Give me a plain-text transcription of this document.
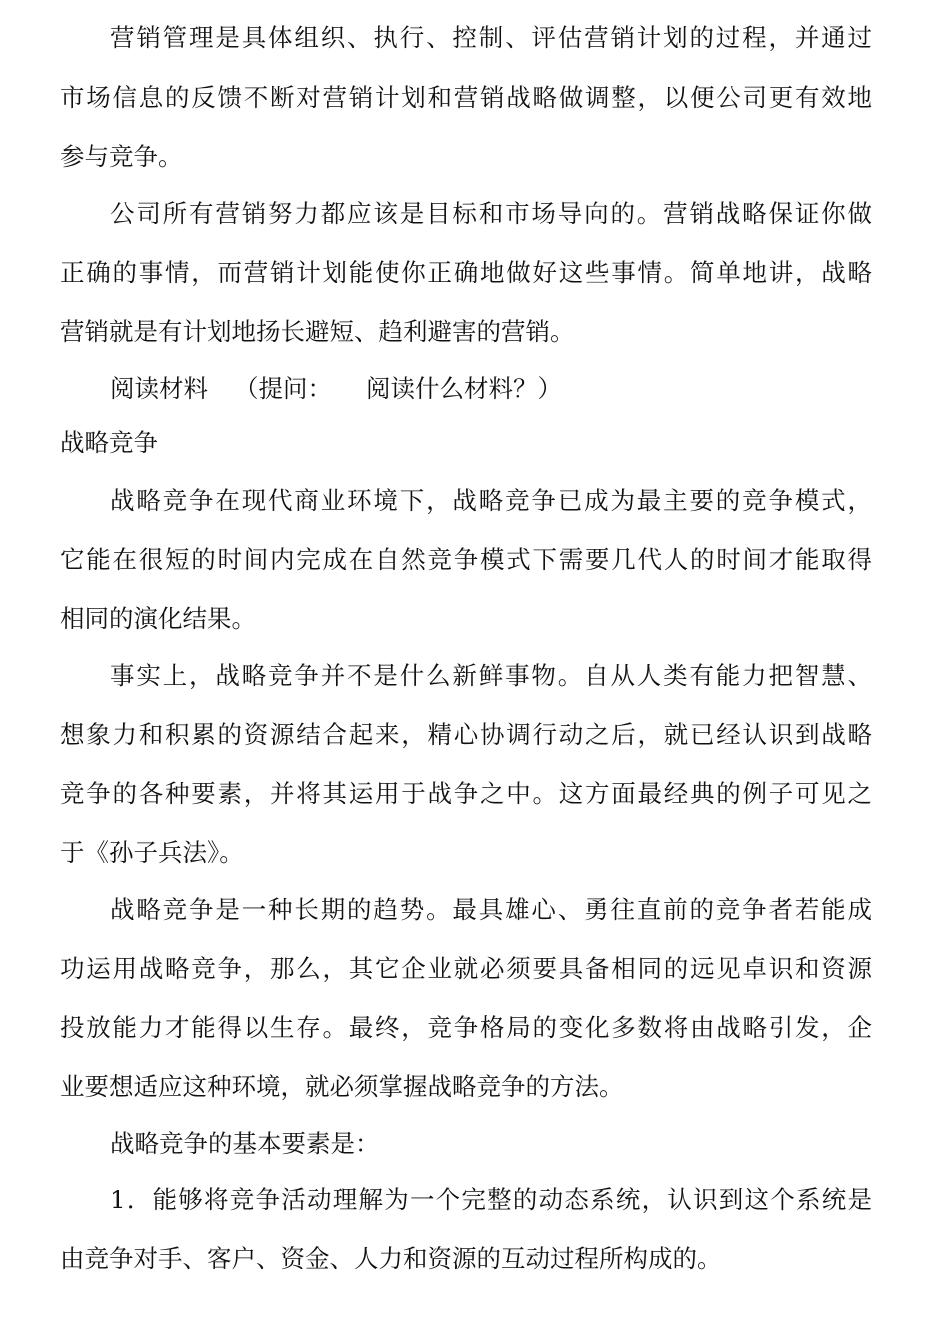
营销管理是具体组织、执行、控制、评估营销计划的过程，并通过
市场信息的反馈不断对营销计划和营销战略做调整，以便公司更有效地
参与竞争。
公司所有营销努力都应该是目标和市场导向的。营销战略保证你做
正确的事情，而营销计划能使你正确地做好这些事情。简单地讲，战略
营销就是有计划地扬长避短、趋利避害的营销。
阅读材料 （提问： 阅读什么材料？）
战略竞争
战略竞争在现代商业环境下，战略竞争已成为最主要的竞争模式，
它能在很短的时间内完成在自然竞争模式下需要几代人的时间才能取得
相同的演化结果。
事实上，战略竞争并不是什么新鲜事物。自从人类有能力把智慧、
想象力和积累的资源结合起来，精心协调行动之后，就已经认识到战略
竞争的各种要素，并将其运用于战争之中。这方面最经典的例子可见之
于《孙子兵法》。
战略竞争是一种长期的趋势。最具雄心、勇往直前的竞争者若能成
功运用战略竞争，那么，其它企业就必须要具备相同的远见卓识和资源
投放能力才能得以生存。最终，竞争格局的变化多数将由战略引发，企
业要想适应这种环境，就必须掌握战略竞争的方法。
战略竞争的基本要素是：
1．能够将竞争活动理解为一个完整的动态系统，认识到这个系统是
由竞争对手、客户、资金、人力和资源的互动过程所构成的。
